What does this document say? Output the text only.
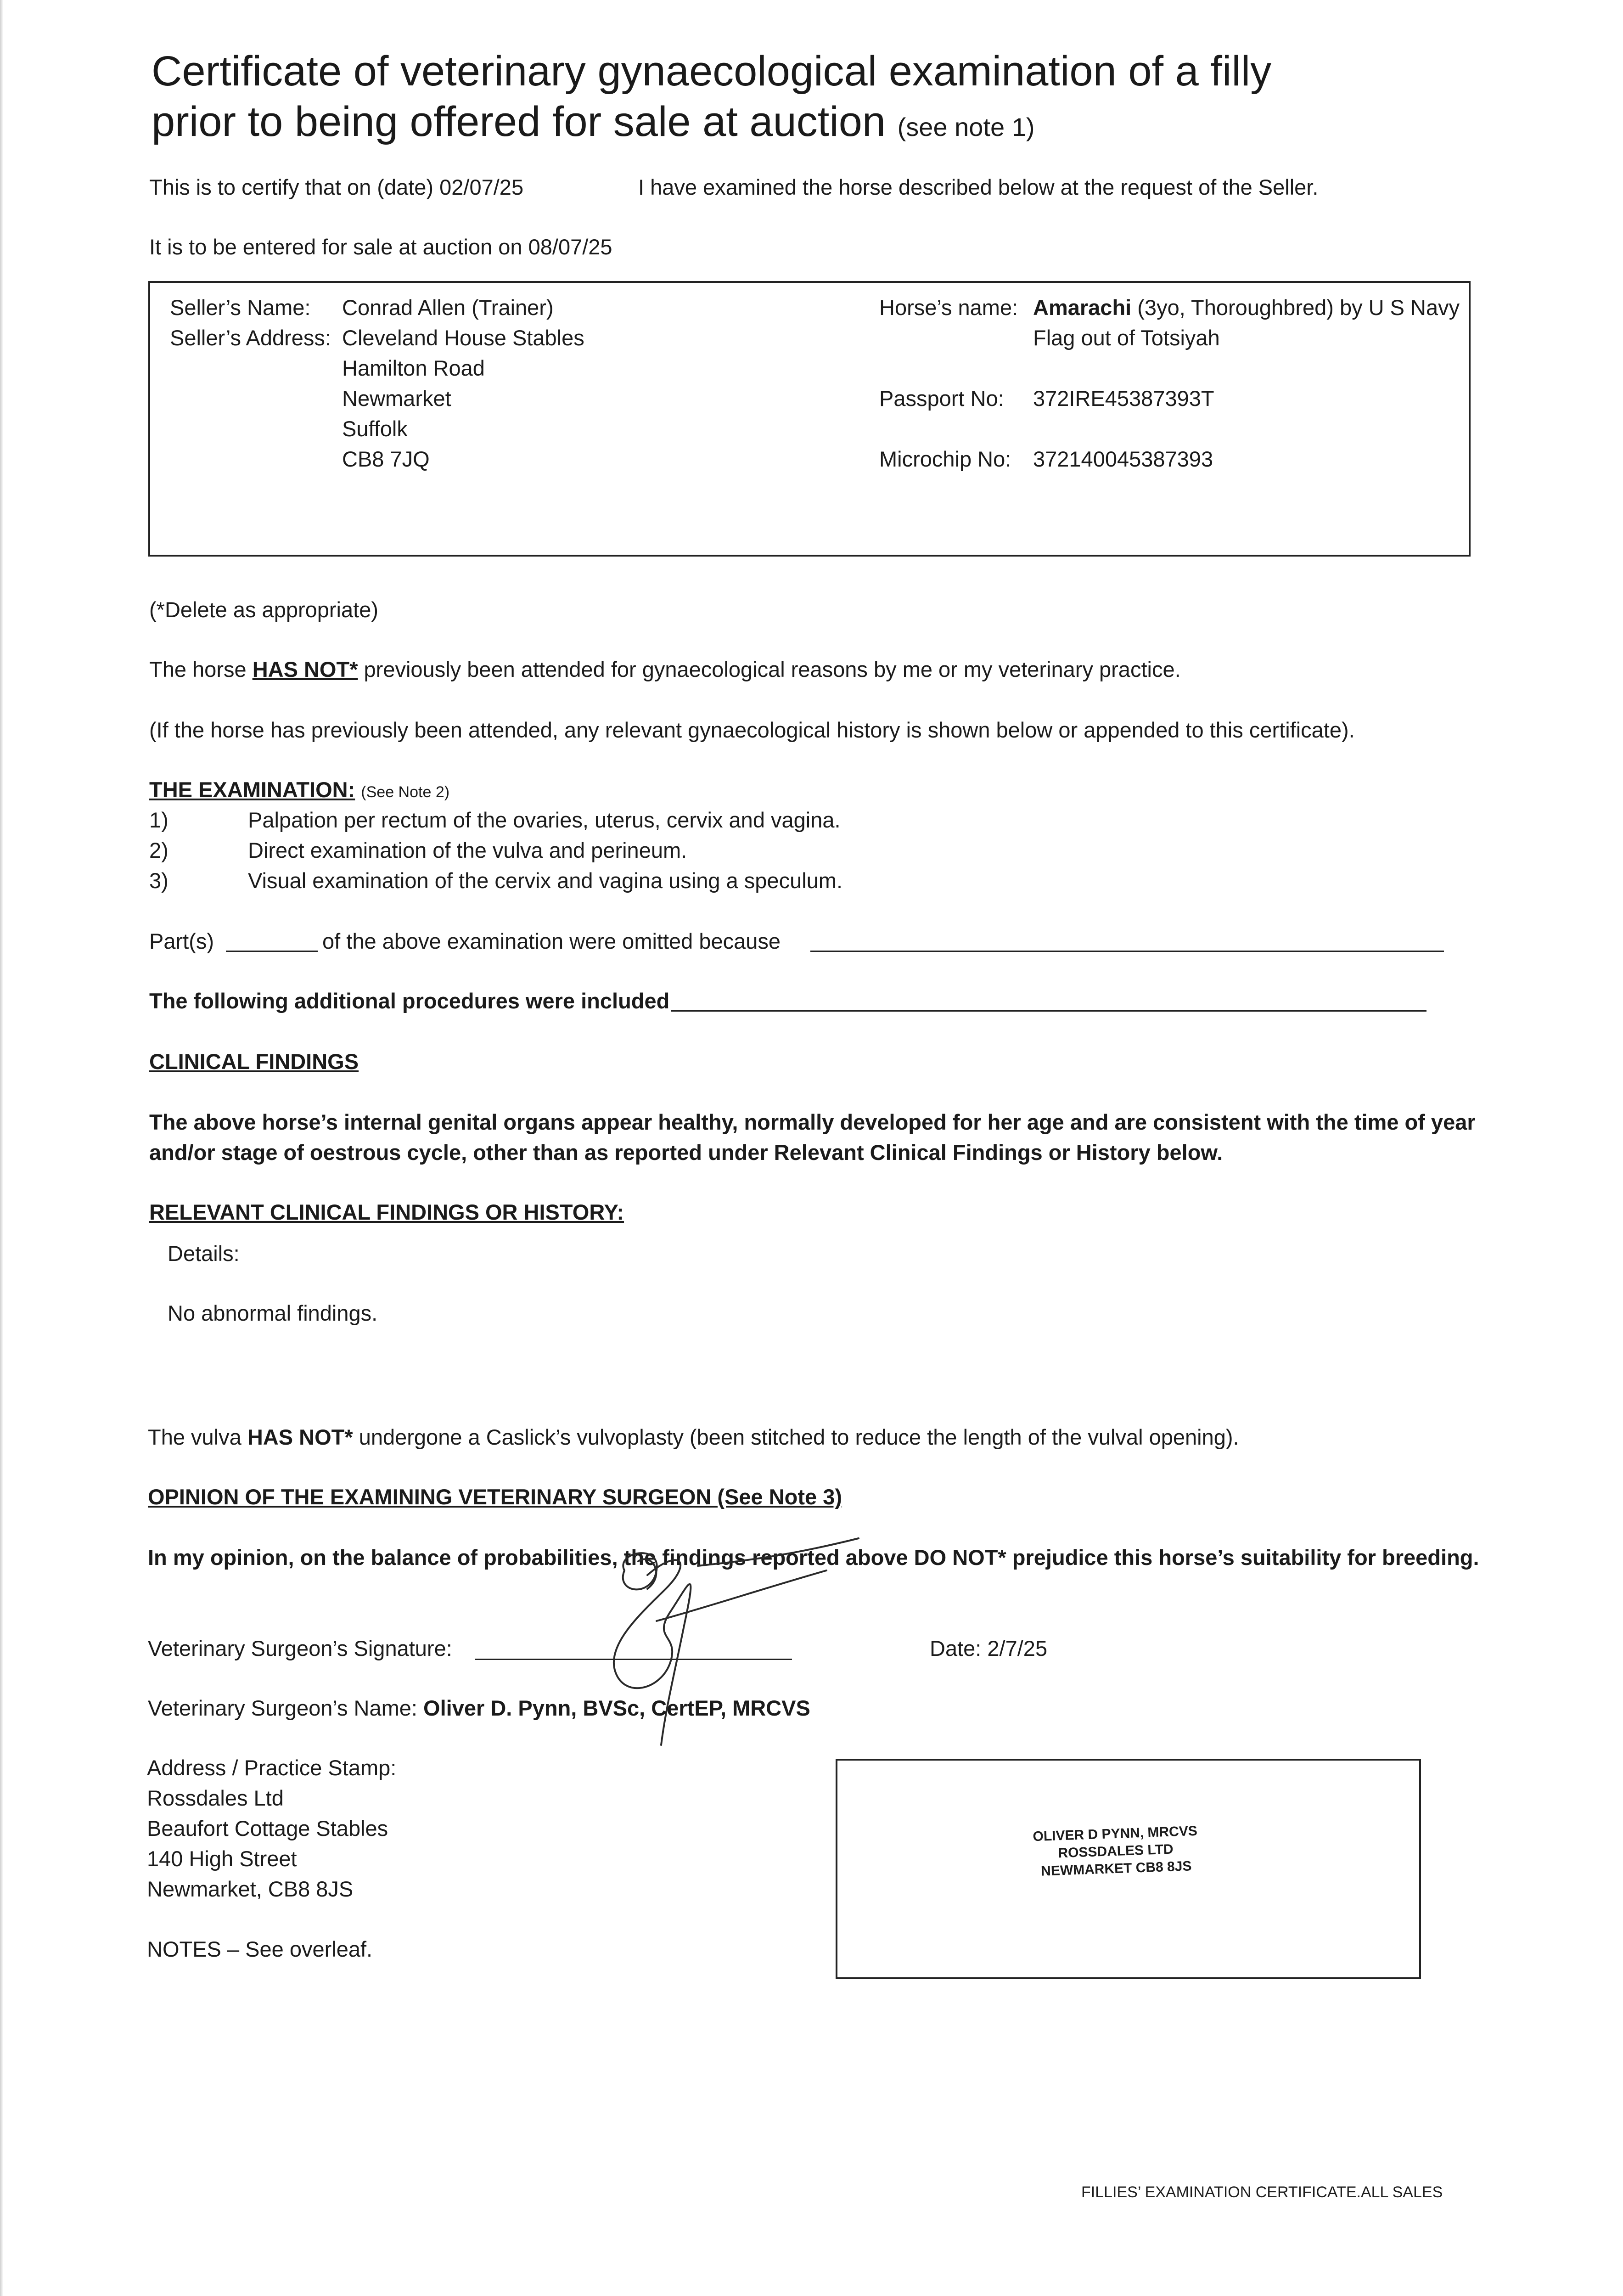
Certificate of veterinary gynaecological examination of a filly
prior to being offered for sale at auction (see note 1)
This is to certify that on (date) 02/07/25	I have examined the horse described below at the request of the Seller.
It is to be entered for sale at auction on 08/07/25
Seller’s Name: Conrad Allen (Trainer)
Seller’s Address: Cleveland House Stables
Hamilton Road
Newmarket
Suffolk
CB8 7JQ
Horse’s name: Amarachi (3yo, Thoroughbred) by U S Navy
Flag out of Totsiyah
Passport No: 372IRE45387393T
Microchip No: 372140045387393
(*Delete as appropriate)
The horse HAS NOT* previously been attended for gynaecological reasons by me or my veterinary practice.
(If the horse has previously been attended, any relevant gynaecological history is shown below or appended to this certificate).
THE EXAMINATION: (See Note 2)
1)	Palpation per rectum of the ovaries, uterus, cervix and vagina.
2)	Direct examination of the vulva and perineum.
3)	Visual examination of the cervix and vagina using a speculum.
Part(s)	of the above examination were omitted because
The following additional procedures were included
CLINICAL FINDINGS
The above horse’s internal genital organs appear healthy, normally developed for her age and are consistent with the time of year
and/or stage of oestrous cycle, other than as reported under Relevant Clinical Findings or History below.
RELEVANT CLINICAL FINDINGS OR HISTORY:
Details:
No abnormal findings.
The vulva HAS NOT* undergone a Caslick’s vulvoplasty (been stitched to reduce the length of the vulval opening).
OPINION OF THE EXAMINING VETERINARY SURGEON (See Note 3)
In my opinion, on the balance of probabilities, the findings reported above DO NOT* prejudice this horse’s suitability for breeding.
Veterinary Surgeon’s Signature:	Date: 2/7/25
Veterinary Surgeon’s Name: Oliver D. Pynn, BVSc, CertEP, MRCVS
Address / Practice Stamp:
Rossdales Ltd
Beaufort Cottage Stables
140 High Street
Newmarket, CB8 8JS
NOTES – See overleaf.
OLIVER D PYNN, MRCVS
ROSSDALES LTD
NEWMARKET CB8 8JS
FILLIES’ EXAMINATION CERTIFICATE.ALL SALES
